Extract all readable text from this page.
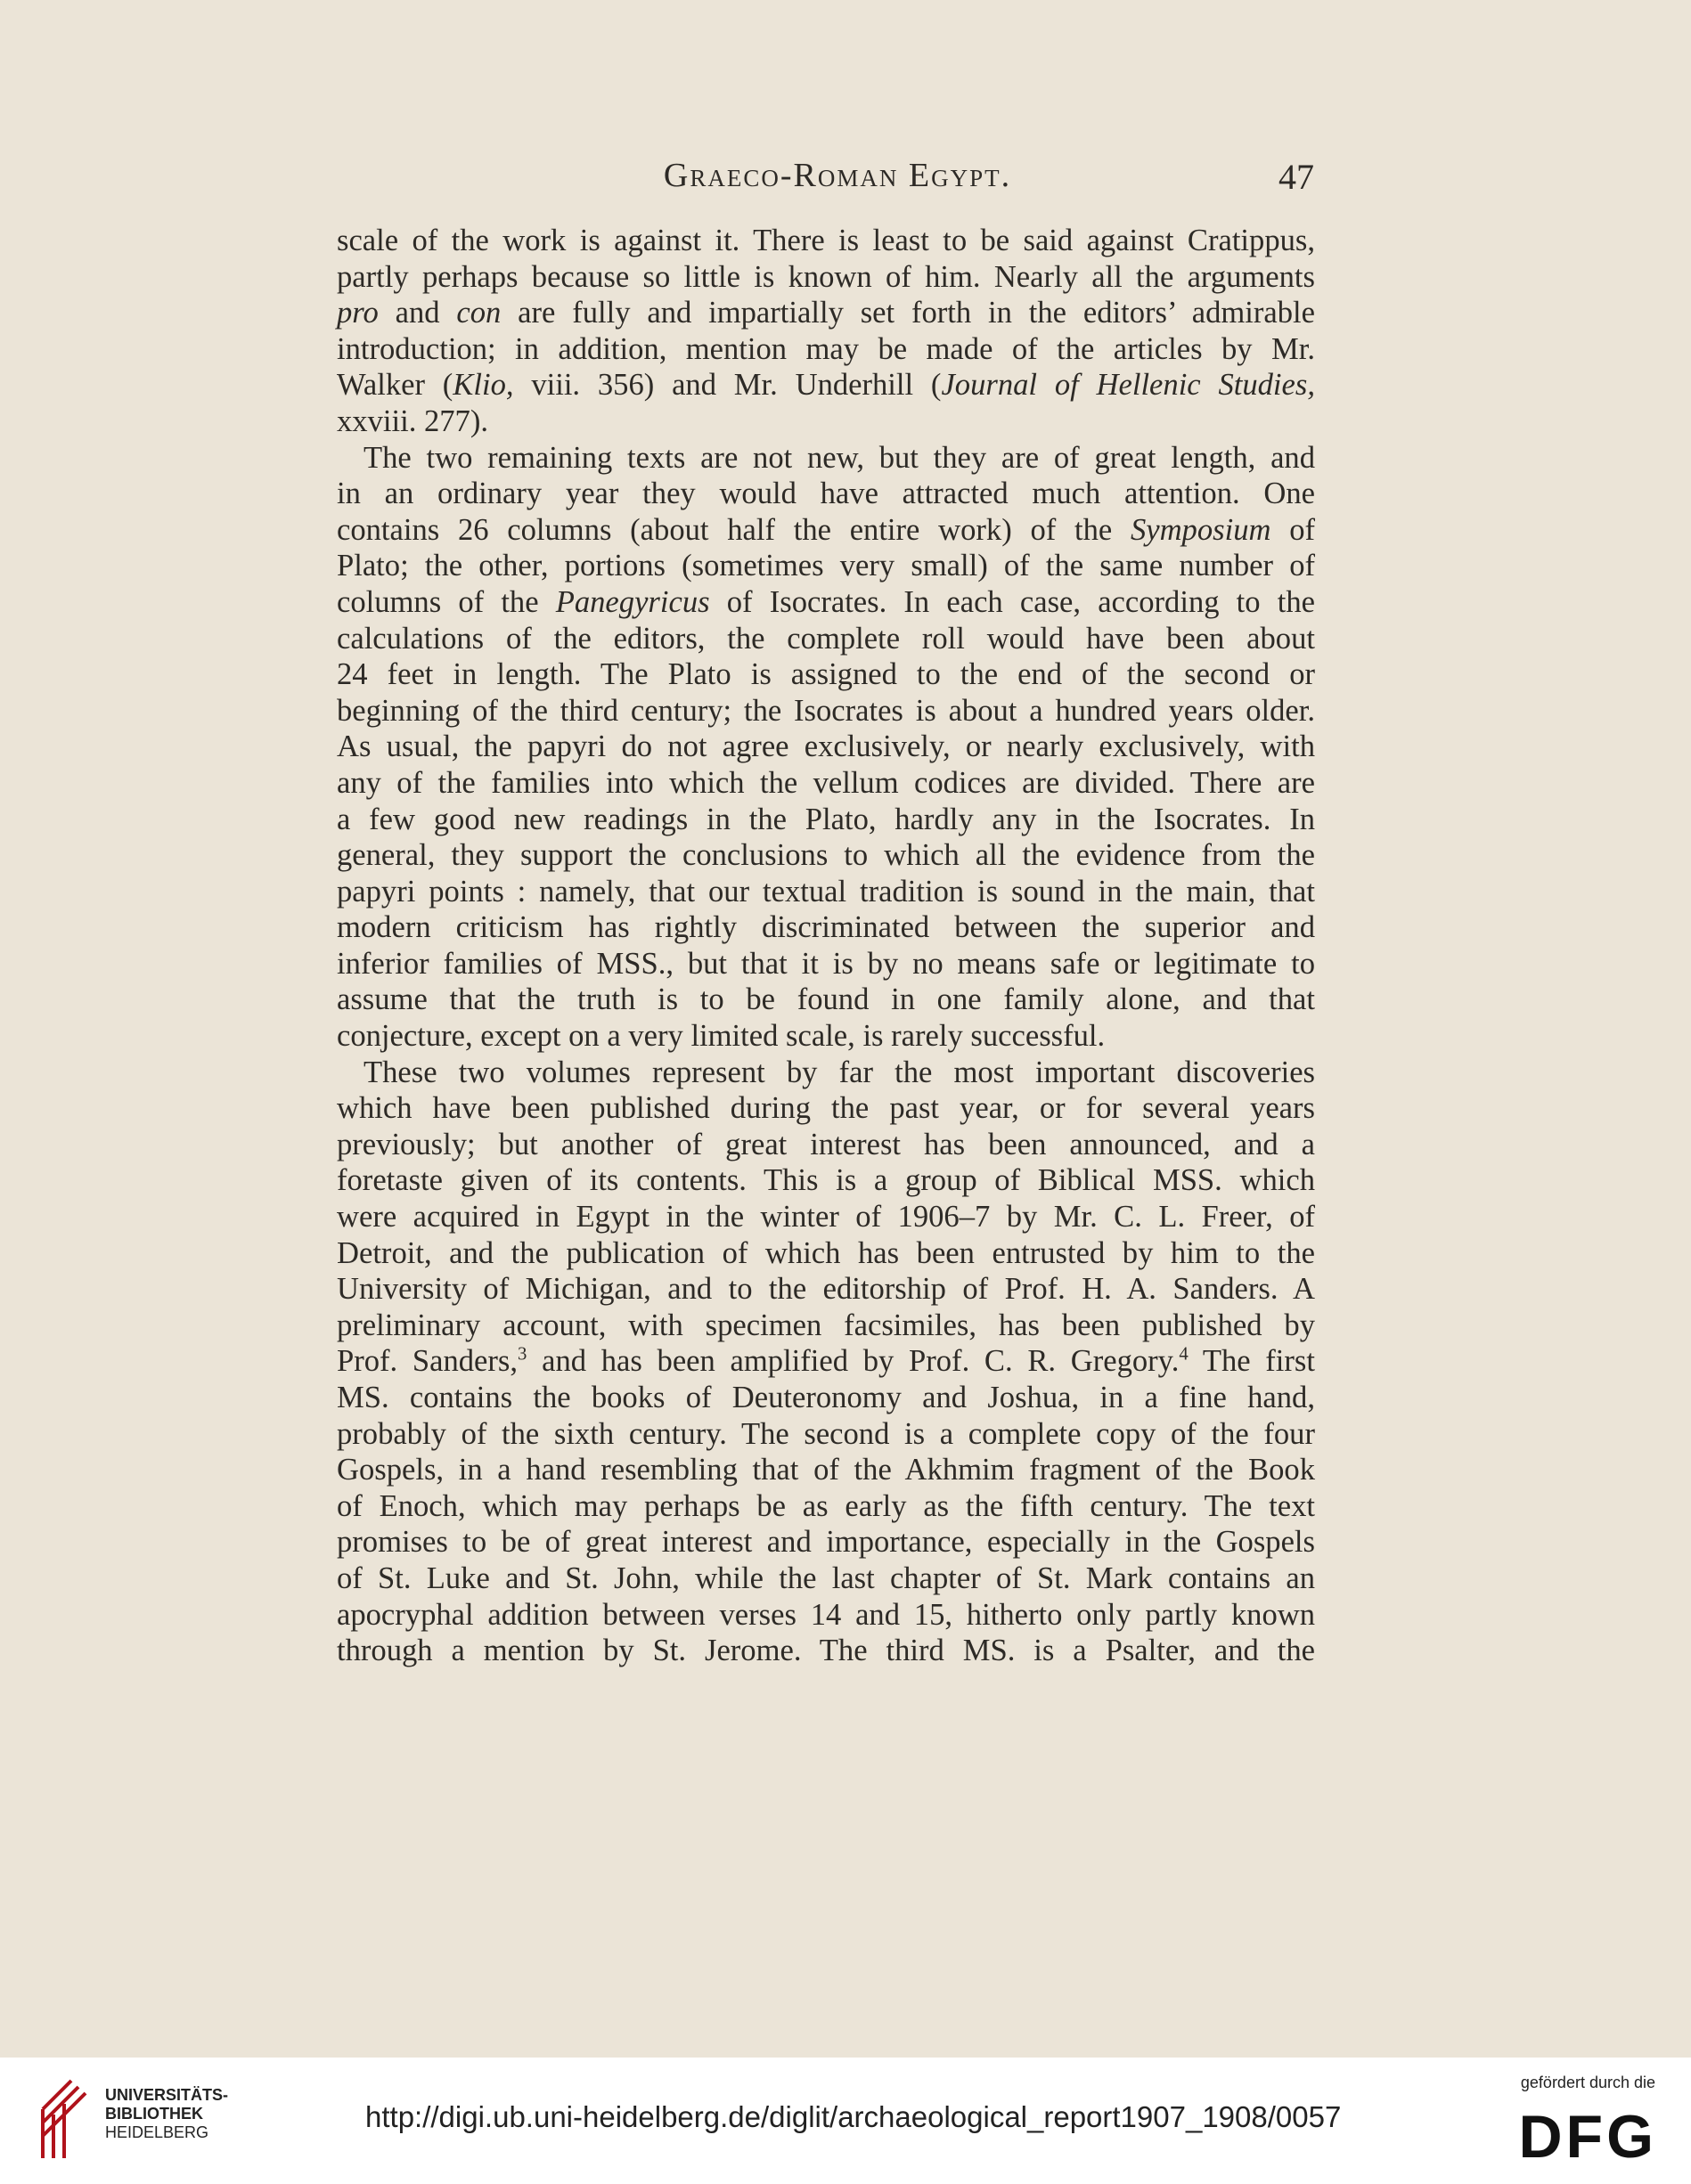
Graeco-Roman Egypt.	47
scale of the work is against it. There is least to be said against Cratippus,
partly perhaps because so little is known of him. Nearly all the arguments
pro and con are fully and impartially set forth in the editors’ admirable
introduction; in addition, mention may be made of the articles by Mr.
Walker (Klio, viii. 356) and Mr. Underhill (Journal of Hellenic Studies,
xxviii. 277).
The two remaining texts are not new, but they are of great length, and
in an ordinary year they would have attracted much attention. One
contains 26 columns (about half the entire work) of the Symposium of
Plato; the other, portions (sometimes very small) of the same number of
columns of the Panegyricus of Isocrates. In each case, according to the
calculations of the editors, the complete roll would have been about
24 feet in length. The Plato is assigned to the end of the second or
beginning of the third century; the Isocrates is about a hundred years older.
As usual, the papyri do not agree exclusively, or nearly exclusively, with
any of the families into which the vellum codices are divided. There are
a few good new readings in the Plato, hardly any in the Isocrates. In
general, they support the conclusions to which all the evidence from the
papyri points : namely, that our textual tradition is sound in the main, that
modern criticism has rightly discriminated between the superior and
inferior families of MSS., but that it is by no means safe or legitimate to
assume that the truth is to be found in one family alone, and that
conjecture, except on a very limited scale, is rarely successful.
These two volumes represent by far the most important discoveries
which have been published during the past year, or for several years
previously; but another of great interest has been announced, and a
foretaste given of its contents. This is a group of Biblical MSS. which
were acquired in Egypt in the winter of 1906–7 by Mr. C. L. Freer, of
Detroit, and the publication of which has been entrusted by him to the
University of Michigan, and to the editorship of Prof. H. A. Sanders. A
preliminary account, with specimen facsimiles, has been published by
Prof. Sanders,$^3$ and has been amplified by Prof. C. R. Gregory.$^4$ The first
MS. contains the books of Deuteronomy and Joshua, in a fine hand,
probably of the sixth century. The second is a complete copy of the four
Gospels, in a hand resembling that of the Akhmim fragment of the Book
of Enoch, which may perhaps be as early as the fifth century. The text
promises to be of great interest and importance, especially in the Gospels
of St. Luke and St. John, while the last chapter of St. Mark contains an
apocryphal addition between verses 14 and 15, hitherto only partly known
through a mention by St. Jerome. The third MS. is a Psalter, and the
UNIVERSITÄTS-
BIBLIOTHEK
HEIDELBERG	http://digi.ub.uni-heidelberg.de/diglit/archaeological_report1907_1908/0057
gefördert durch die
DFG
